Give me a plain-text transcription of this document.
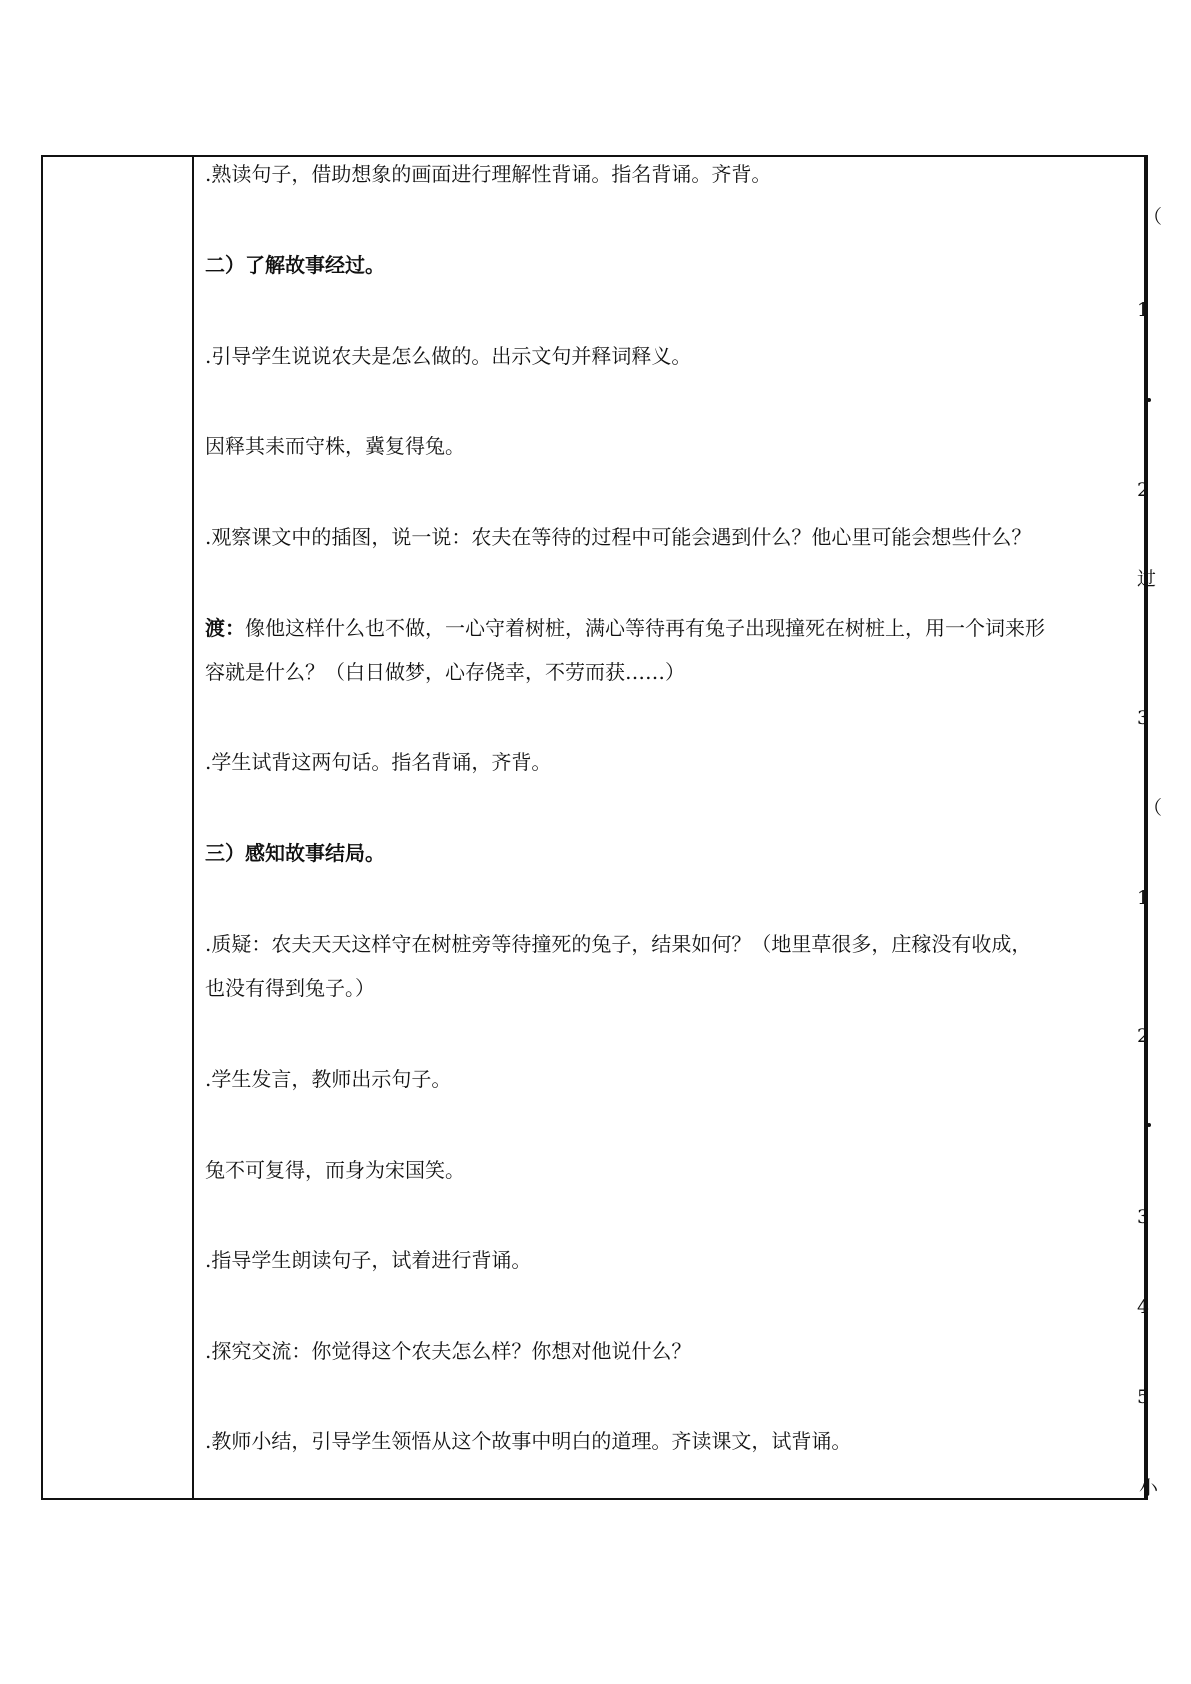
.熟读句子，借助想象的画面进行理解性背诵。指名背诵。齐背。
二）了解故事经过。
.引导学生说说农夫是怎么做的。出示文句并释词释义。
因释其耒而守株，冀复得兔。
.观察课文中的插图，说一说：农夫在等待的过程中可能会遇到什么？他心里可能会想些什么？
渡：像他这样什么也不做，一心守着树桩，满心等待再有兔子出现撞死在树桩上，用一个词来形
容就是什么？（白日做梦，心存侥幸，不劳而获……）
.学生试背这两句话。指名背诵，齐背。
三）感知故事结局。
.质疑：农夫天天这样守在树桩旁等待撞死的兔子，结果如何？（地里草很多，庄稼没有收成，
也没有得到兔子。）
.学生发言，教师出示句子。
兔不可复得，而身为宋国笑。
.指导学生朗读句子，试着进行背诵。
.探究交流：你觉得这个农夫怎么样？你想对他说什么？
.教师小结，引导学生领悟从这个故事中明白的道理。齐读课文，试背诵。
（
1
2
过
3
（
1
2
3
4
5
小
